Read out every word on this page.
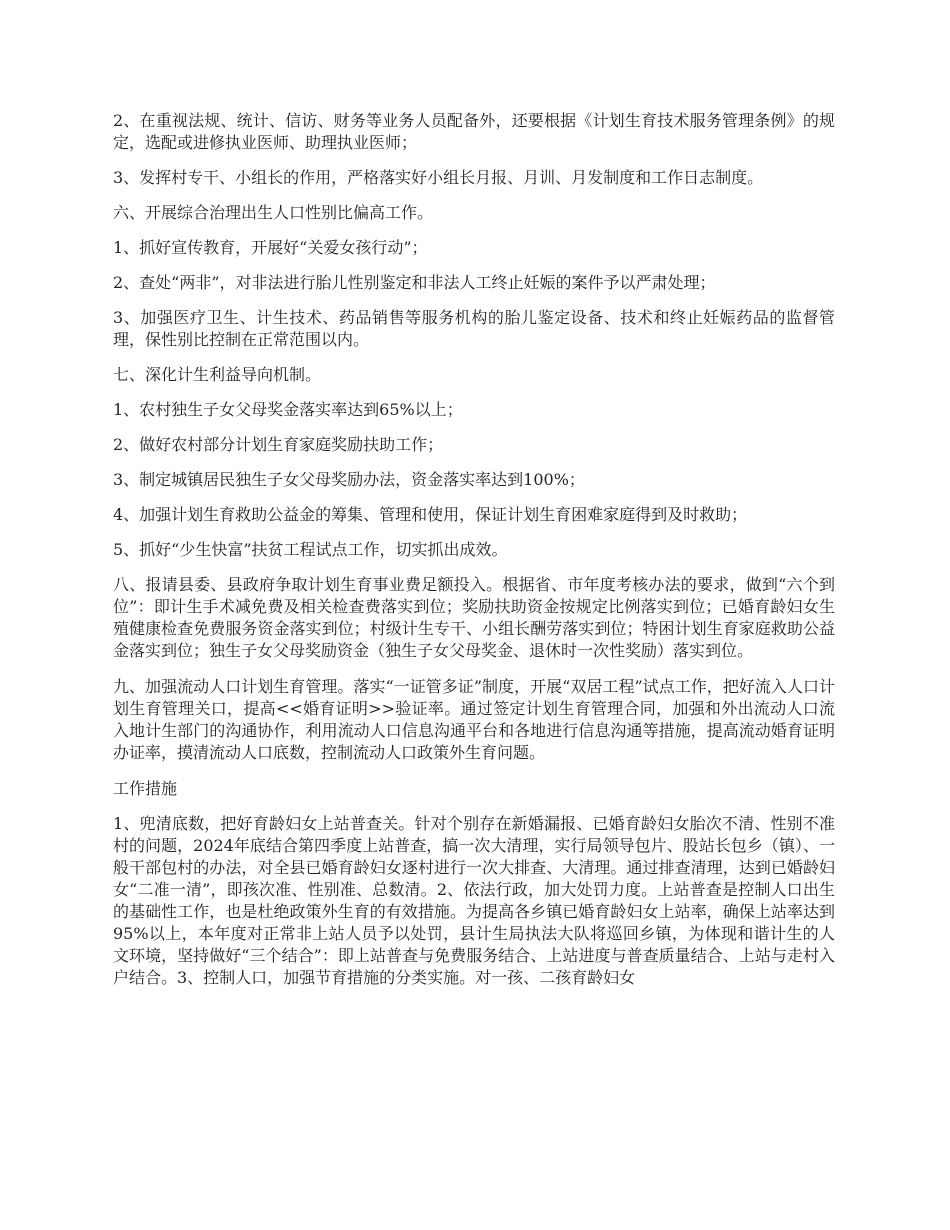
2、在重视法规、统计、信访、财务等业务人员配备外，还要根据《计划生育技术服务管理条例》的规定，选配或进修执业医师、助理执业医师；

3、发挥村专干、小组长的作用，严格落实好小组长月报、月训、月发制度和工作日志制度。

六、开展综合治理出生人口性别比偏高工作。

1、抓好宣传教育，开展好“关爱女孩行动”；

2、查处“两非”，对非法进行胎儿性别鉴定和非法人工终止妊娠的案件予以严肃处理；

3、加强医疗卫生、计生技术、药品销售等服务机构的胎儿鉴定设备、技术和终止妊娠药品的监督管理，保性别比控制在正常范围以内。

七、深化计生利益导向机制。

1、农村独生子女父母奖金落实率达到65%以上；

2、做好农村部分计划生育家庭奖励扶助工作；

3、制定城镇居民独生子女父母奖励办法，资金落实率达到100%；

4、加强计划生育救助公益金的筹集、管理和使用，保证计划生育困难家庭得到及时救助；

5、抓好“少生快富”扶贫工程试点工作，切实抓出成效。

八、报请县委、县政府争取计划生育事业费足额投入。根据省、市年度考核办法的要求，做到“六个到位”：即计生手术减免费及相关检查费落实到位；奖励扶助资金按规定比例落实到位；已婚育龄妇女生殖健康检查免费服务资金落实到位；村级计生专干、小组长酬劳落实到位；特困计划生育家庭救助公益金落实到位；独生子女父母奖励资金（独生子女父母奖金、退休时一次性奖励）落实到位。

九、加强流动人口计划生育管理。落实“一证管多证”制度，开展“双居工程”试点工作，把好流入人口计划生育管理关口，提高<<婚育证明>>验证率。通过签定计划生育管理合同，加强和外出流动人口流入地计生部门的沟通协作，利用流动人口信息沟通平台和各地进行信息沟通等措施，提高流动婚育证明办证率，摸清流动人口底数，控制流动人口政策外生育问题。

工作措施

1、兜清底数，把好育龄妇女上站普查关。针对个别存在新婚漏报、已婚育龄妇女胎次不清、性别不准村的问题，2024年底结合第四季度上站普查，搞一次大清理，实行局领导包片、股站长包乡（镇）、一般干部包村的办法，对全县已婚育龄妇女逐村进行一次大排查、大清理。通过排查清理，达到已婚龄妇女“二准一清”，即孩次准、性别准、总数清。2、依法行政，加大处罚力度。上站普查是控制人口出生的基础性工作，也是杜绝政策外生育的有效措施。为提高各乡镇已婚育龄妇女上站率，确保上站率达到95%以上，本年度对正常非上站人员予以处罚，县计生局执法大队将巡回乡镇，为体现和谐计生的人文环境，坚持做好“三个结合”：即上站普查与免费服务结合、上站进度与普查质量结合、上站与走村入户结合。3、控制人口，加强节育措施的分类实施。对一孩、二孩育龄妇女
